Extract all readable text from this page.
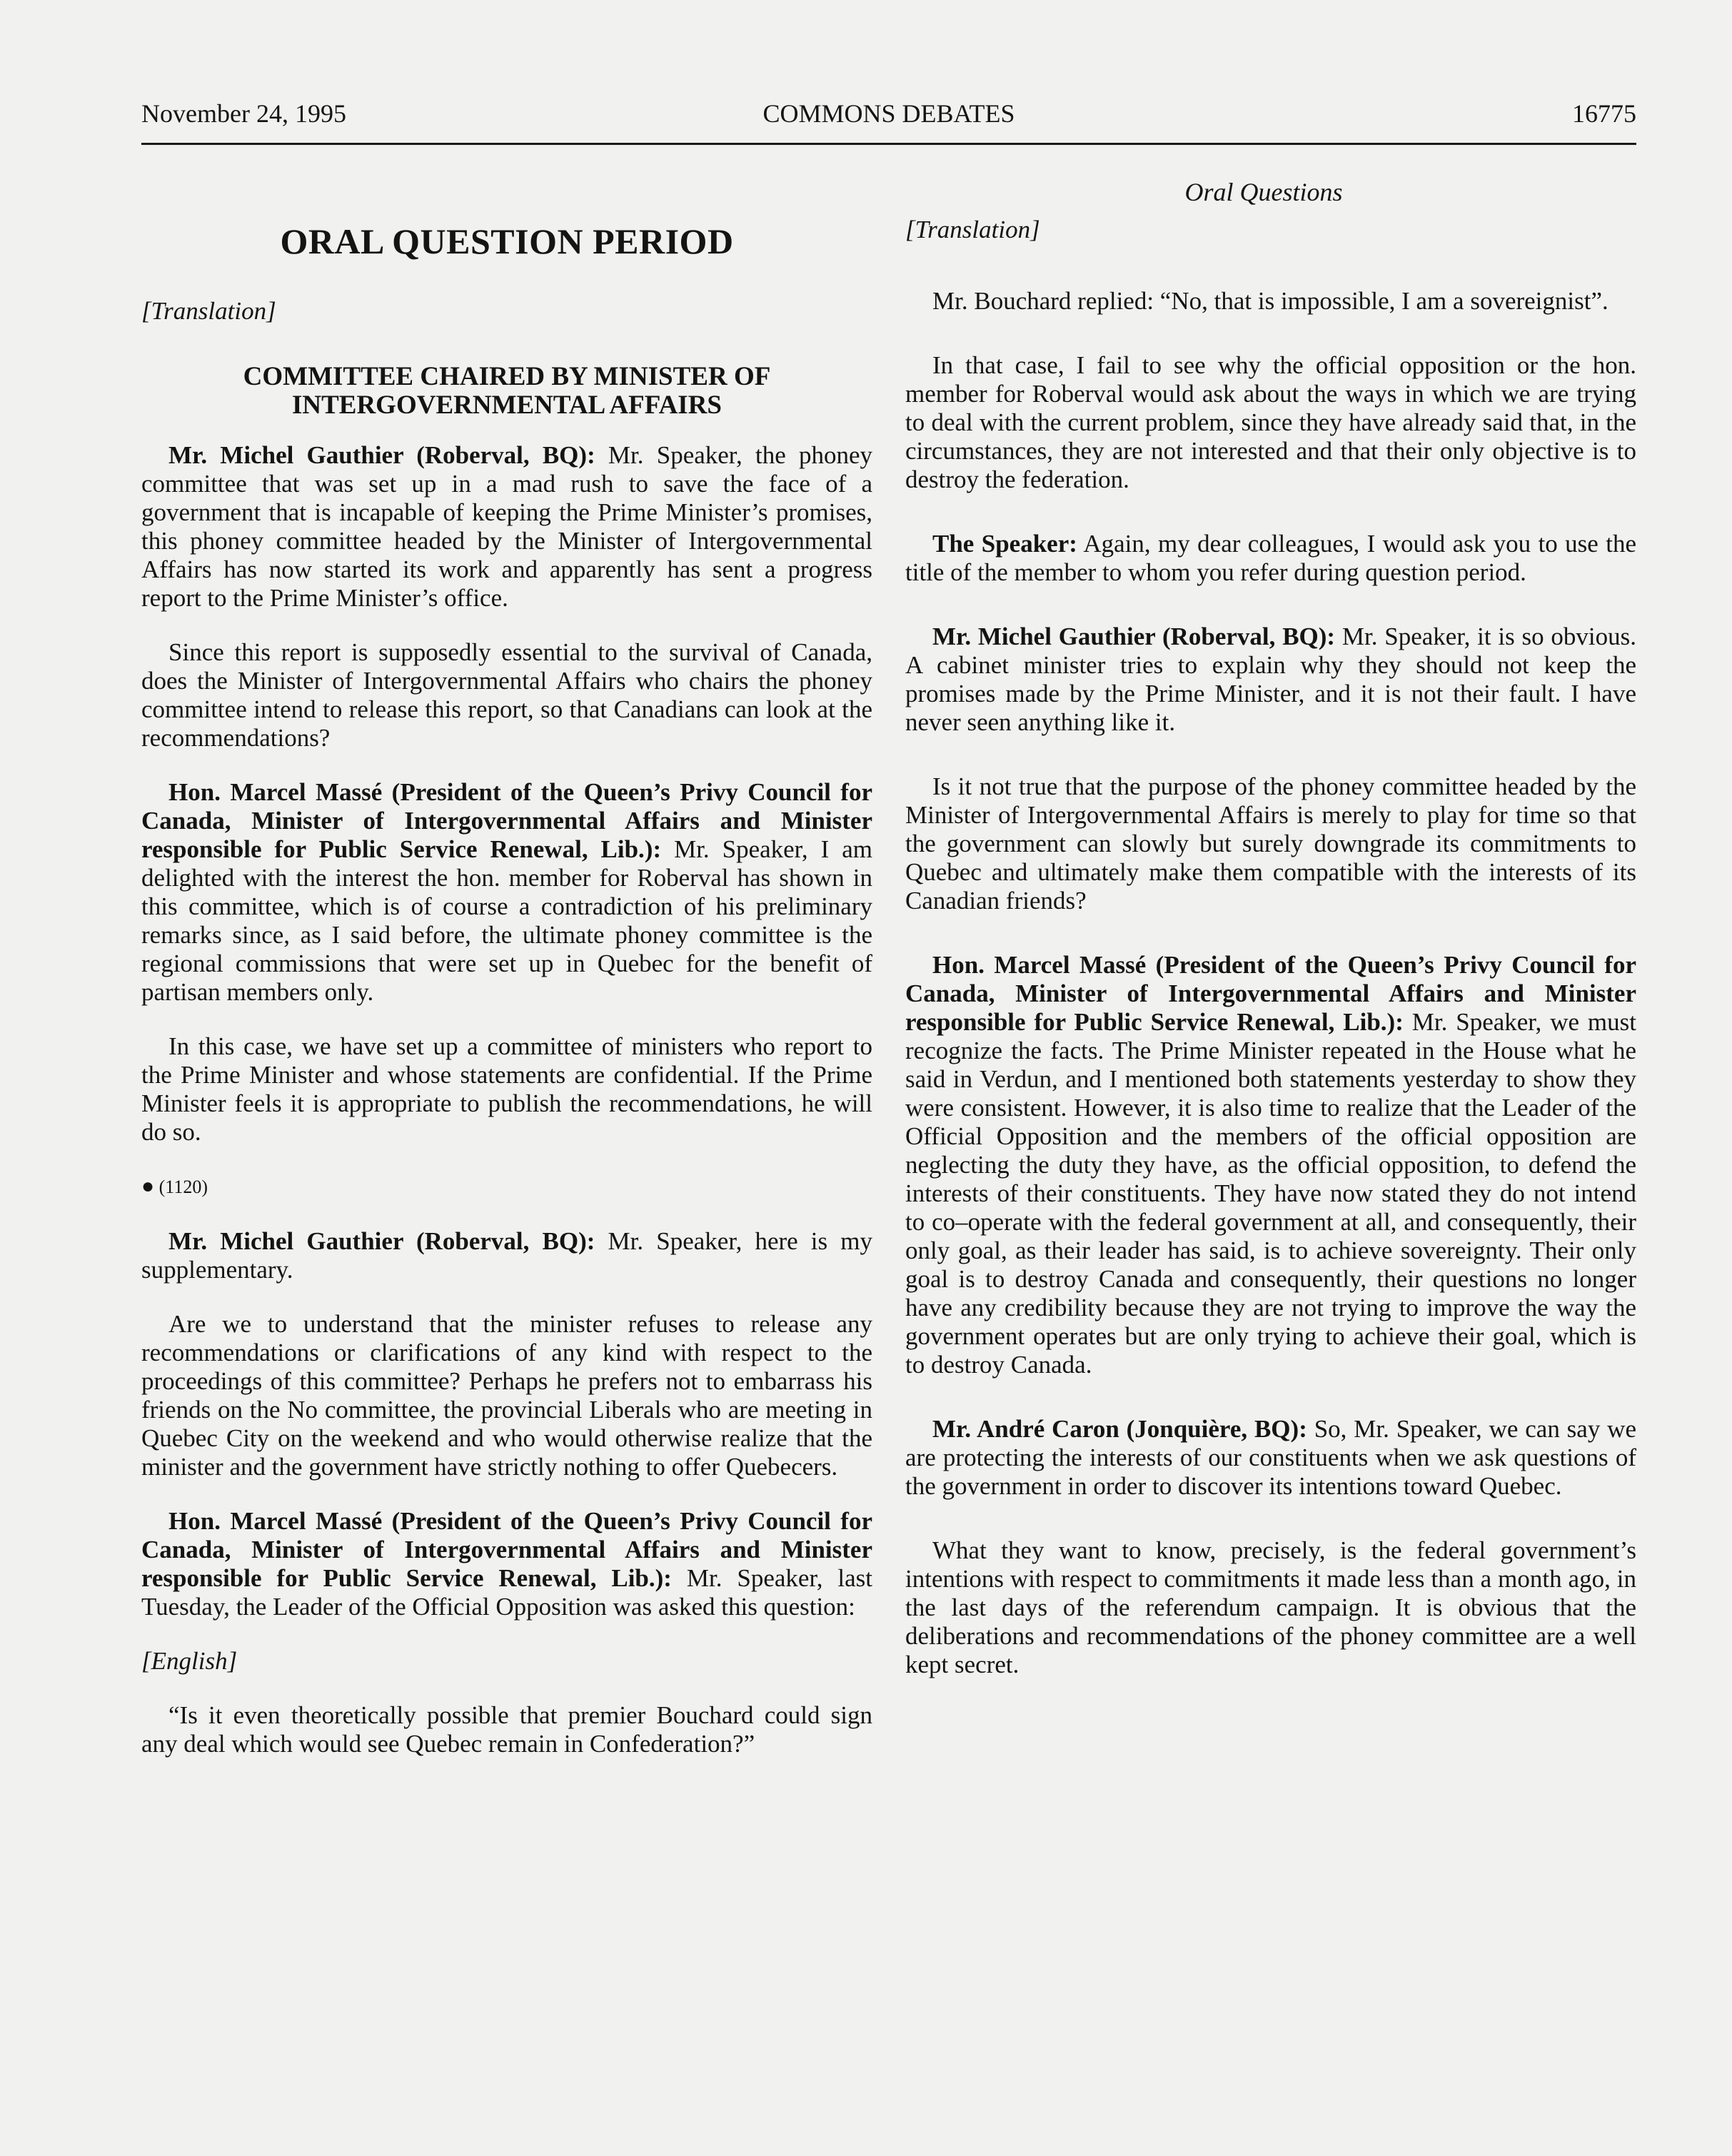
November 24, 1995	COMMONS DEBATES	16775
Oral Questions
ORAL QUESTION PERIOD
[Translation]
COMMITTEE CHAIRED BY MINISTER OF INTERGOVERNMENTAL AFFAIRS

Mr. Michel Gauthier (Roberval, BQ): Mr. Speaker, the phoney committee that was set up in a mad rush to save the face of a government that is incapable of keeping the Prime Minister’s promises, this phoney committee headed by the Minister of Intergovernmental Affairs has now started its work and apparently has sent a progress report to the Prime Minister’s office.

Since this report is supposedly essential to the survival of Canada, does the Minister of Intergovernmental Affairs who chairs the phoney committee intend to release this report, so that Canadians can look at the recommendations?

Hon. Marcel Massé (President of the Queen’s Privy Council for Canada, Minister of Intergovernmental Affairs and Minister responsible for Public Service Renewal, Lib.): Mr. Speaker, I am delighted with the interest the hon. member for Roberval has shown in this committee, which is of course a contradiction of his preliminary remarks since, as I said before, the ultimate phoney committee is the regional commissions that were set up in Quebec for the benefit of partisan members only.

In this case, we have set up a committee of ministers who report to the Prime Minister and whose statements are confidential. If the Prime Minister feels it is appropriate to publish the recommendations, he will do so.

● (1120)

Mr. Michel Gauthier (Roberval, BQ): Mr. Speaker, here is my supplementary.

Are we to understand that the minister refuses to release any recommendations or clarifications of any kind with respect to the proceedings of this committee? Perhaps he prefers not to embarrass his friends on the No committee, the provincial Liberals who are meeting in Quebec City on the weekend and who would otherwise realize that the minister and the government have strictly nothing to offer Quebecers.

Hon. Marcel Massé (President of the Queen’s Privy Council for Canada, Minister of Intergovernmental Affairs and Minister responsible for Public Service Renewal, Lib.): Mr. Speaker, last Tuesday, the Leader of the Official Opposition was asked this question:

[English]

“Is it even theoretically possible that premier Bouchard could sign any deal which would see Quebec remain in Confederation?”

[Translation]

Mr. Bouchard replied: “No, that is impossible, I am a sovereignist”.

In that case, I fail to see why the official opposition or the hon. member for Roberval would ask about the ways in which we are trying to deal with the current problem, since they have already said that, in the circumstances, they are not interested and that their only objective is to destroy the federation.

The Speaker: Again, my dear colleagues, I would ask you to use the title of the member to whom you refer during question period.

Mr. Michel Gauthier (Roberval, BQ): Mr. Speaker, it is so obvious. A cabinet minister tries to explain why they should not keep the promises made by the Prime Minister, and it is not their fault. I have never seen anything like it.

Is it not true that the purpose of the phoney committee headed by the Minister of Intergovernmental Affairs is merely to play for time so that the government can slowly but surely downgrade its commitments to Quebec and ultimately make them compatible with the interests of its Canadian friends?

Hon. Marcel Massé (President of the Queen’s Privy Council for Canada, Minister of Intergovernmental Affairs and Minister responsible for Public Service Renewal, Lib.): Mr. Speaker, we must recognize the facts. The Prime Minister repeated in the House what he said in Verdun, and I mentioned both statements yesterday to show they were consistent. However, it is also time to realize that the Leader of the Official Opposition and the members of the official opposition are neglecting the duty they have, as the official opposition, to defend the interests of their constituents. They have now stated they do not intend to co–operate with the federal government at all, and consequently, their only goal, as their leader has said, is to achieve sovereignty. Their only goal is to destroy Canada and consequently, their questions no longer have any credibility because they are not trying to improve the way the government operates but are only trying to achieve their goal, which is to destroy Canada.

Mr. André Caron (Jonquière, BQ): So, Mr. Speaker, we can say we are protecting the interests of our constituents when we ask questions of the government in order to discover its intentions toward Quebec.

What they want to know, precisely, is the federal government’s intentions with respect to commitments it made less than a month ago, in the last days of the referendum campaign. It is obvious that the deliberations and recommendations of the phoney committee are a well kept secret.
